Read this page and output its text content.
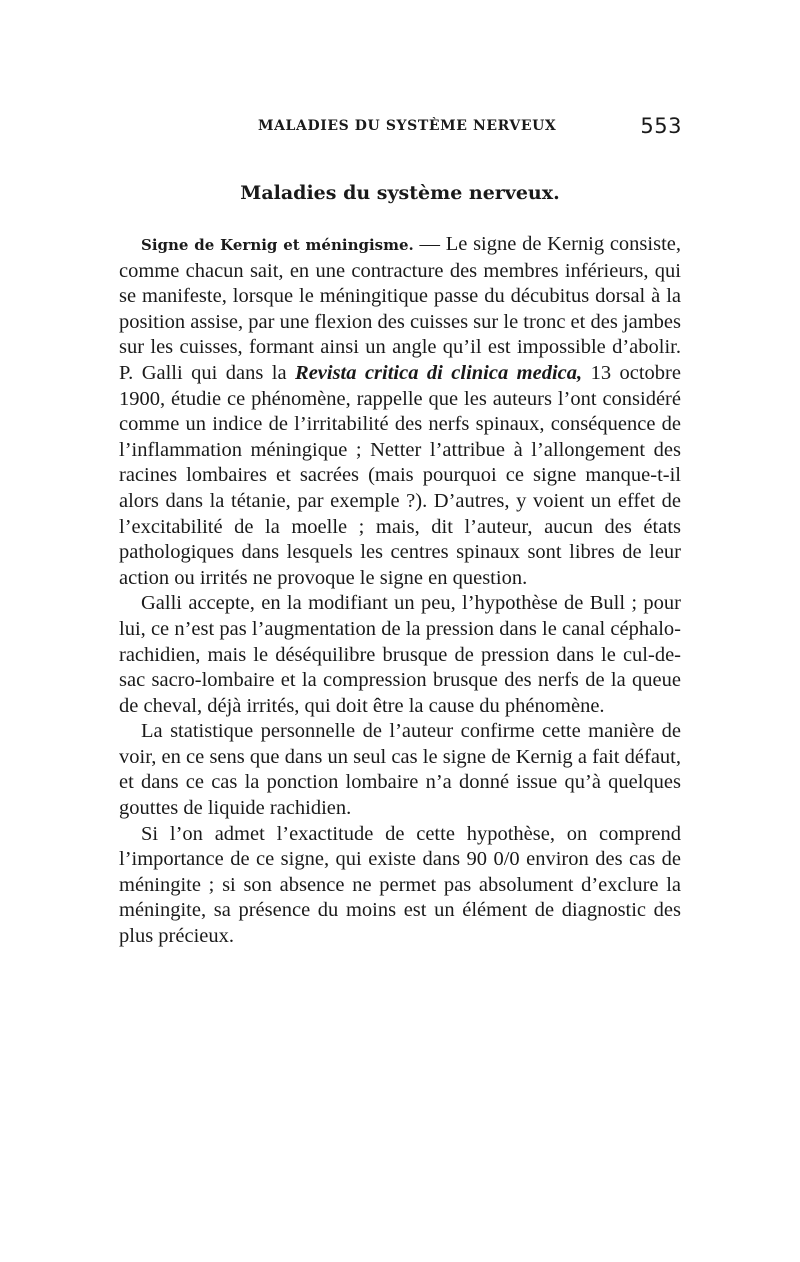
MALADIES DU SYSTÈME NERVEUX	553
Maladies du système nerveux.

Signe de Kernig et méningisme. — Le signe de Kernig consiste, comme chacun sait, en une contracture des membres inférieurs, qui se manifeste, lorsque le méningitique passe du décubitus dorsal à la position assise, par une flexion des cuisses sur le tronc et des jambes sur les cuisses, formant ainsi un angle qu’il est impossible d’abolir. P. Galli qui dans la Revista critica di clinica medica, 13 octobre 1900, étudie ce phénomène, rappelle que les auteurs l’ont considéré comme un indice de l’irritabilité des nerfs spinaux, conséquence de l’inflammation méningique ; Netter l’attribue à l’allongement des racines lombaires et sacrées (mais pourquoi ce signe manque-t-il alors dans la tétanie, par exemple ?). D’autres, y voient un effet de l’excitabilité de la moelle ; mais, dit l’auteur, aucun des états pathologiques dans lesquels les centres spinaux sont libres de leur action ou irrités ne provoque le signe en question.

Galli accepte, en la modifiant un peu, l’hypothèse de Bull ; pour lui, ce n’est pas l’augmentation de la pression dans le canal céphalo-rachidien, mais le déséquilibre brusque de pression dans le cul-de-sac sacro-lombaire et la compression brusque des nerfs de la queue de cheval, déjà irrités, qui doit être la cause du phénomène.

La statistique personnelle de l’auteur confirme cette manière de voir, en ce sens que dans un seul cas le signe de Kernig a fait défaut, et dans ce cas la ponction lombaire n’a donné issue qu’à quelques gouttes de liquide rachidien.

Si l’on admet l’exactitude de cette hypothèse, on comprend l’importance de ce signe, qui existe dans 90 0/0 environ des cas de méningite ; si son absence ne permet pas absolument d’exclure la méningite, sa présence du moins est un élément de diagnostic des plus précieux.
